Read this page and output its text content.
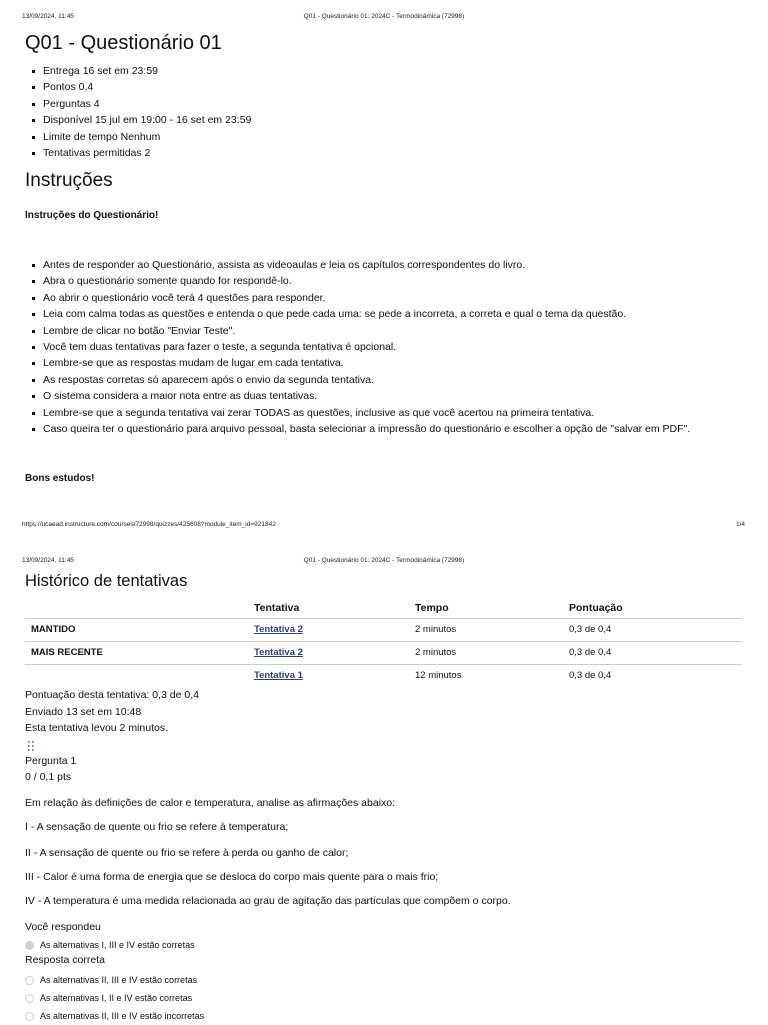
13/09/2024, 11:45	Q01 - Questionário 01: 2024C - Termodinâmica (72998)
Q01 - Questionário 01
Entrega 16 set em 23:59
Pontos 0,4
Perguntas 4
Disponível 15 jul em 19:00 - 16 set em 23:59
Limite de tempo Nenhum
Tentativas permitidas 2
Instruções
Instruções do Questionário!
Antes de responder ao Questionário, assista as videoaulas e leia os capítulos correspondentes do livro.
Abra o questionário somente quando for respondê-lo.
Ao abrir o questionário você terá 4 questões para responder.
Leia com calma todas as questões e entenda o que pede cada uma: se pede a incorreta, a correta e qual o tema da questão.
Lembre de clicar no botão "Enviar Teste".
Você tem duas tentativas para fazer o teste, a segunda tentativa é opcional.
Lembre-se que as respostas mudam de lugar em cada tentativa.
As respostas corretas só aparecem após o envio da segunda tentativa.
O sistema considera a maior nota entre as duas tentativas.
Lembre-se que a segunda tentativa vai zerar TODAS as questões, inclusive as que você acertou na primeira tentativa.
Caso queira ter o questionário para arquivo pessoal, basta selecionar a impressão do questionário e escolher a opção de "salvar em PDF".
Bons estudos!
https://ucaead.instructure.com/courses/72998/quizzes/425608?module_item_id=921842	1/4
13/09/2024, 11:45	Q01 - Questionário 01: 2024C - Termodinâmica (72998)
Histórico de tentativas
	Tentativa	Tempo	Pontuação
MANTIDO	Tentativa 2	2 minutos	0,3 de 0,4
MAIS RECENTE	Tentativa 2	2 minutos	0,3 de 0,4
	Tentativa 1	12 minutos	0,3 de 0,4
Pontuação desta tentativa: 0,3 de 0,4
Enviado 13 set em 10:48
Esta tentativa levou 2 minutos.
Pergunta 1
0 / 0,1 pts
Em relação às definições de calor e temperatura, analise as afirmações abaixo:
I - A sensação de quente ou frio se refere à temperatura;
II - A sensação de quente ou frio se refere à perda ou ganho de calor;
III - Calor é uma forma de energia que se desloca do corpo mais quente para o mais frio;
IV - A temperatura é uma medida relacionada ao grau de agitação das partículas que compõem o corpo.
Você respondeu
As alternativas I, III e IV estão corretas
Resposta correta
As alternativas II, III e IV estão corretas
As alternativas I, II e IV estão corretas
As alternativas II, III e IV estão incorretas
